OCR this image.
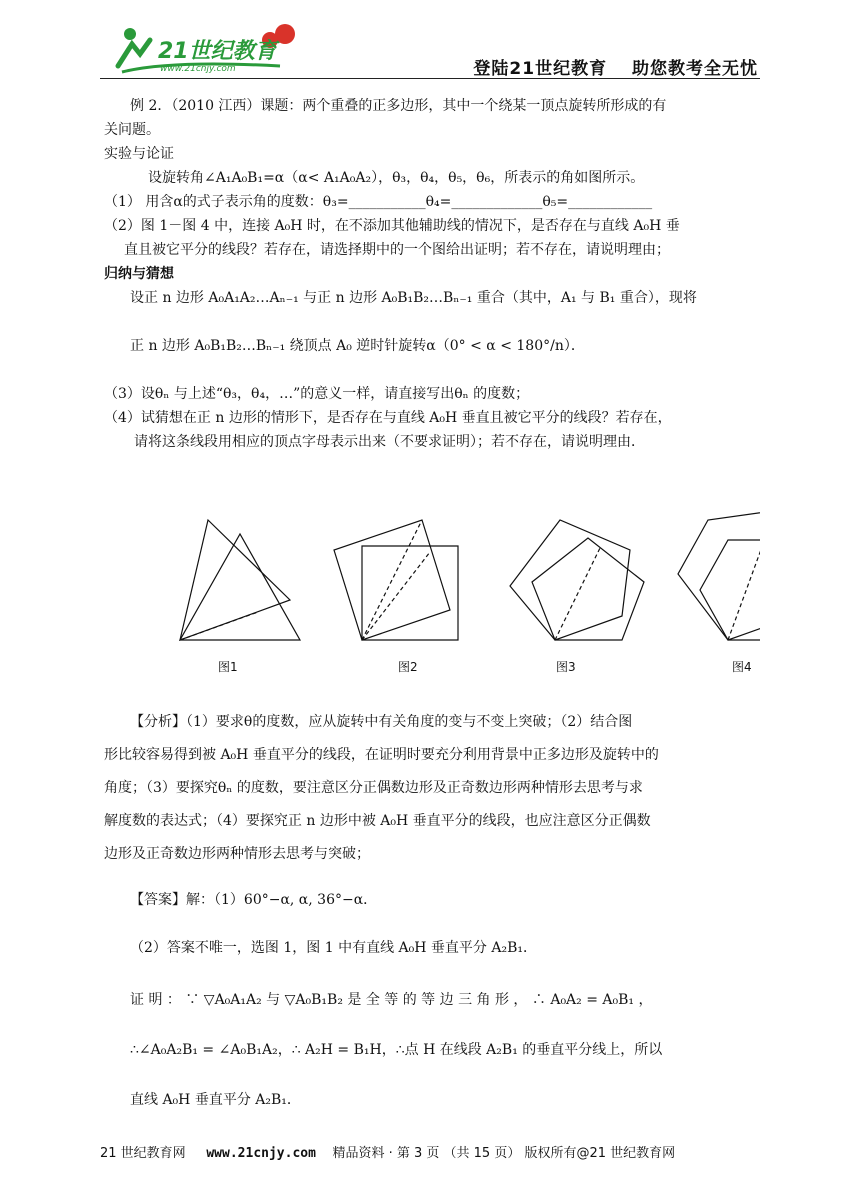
21世纪教育
www.21cnjy.com	登陆21世纪教育 助您教考全无忧
例 2．（2010 江西）课题：两个重叠的正多边形，其中一个绕某一顶点旋转所形成的有
关问题。
实验与论证
设旋转角∠A₁A₀B₁=α（α< A₁A₀A₂），θ₃，θ₄，θ₅，θ₆，所表示的角如图所示。
（1） 用含α的式子表示角的度数：θ₃=___________θ₄=_____________θ₅=____________
（2）图 1－图 4 中，连接 A₀H 时，在不添加其他辅助线的情况下，是否存在与直线 A₀H 垂
直且被它平分的线段？若存在，请选择期中的一个图给出证明；若不存在，请说明理由；
归纳与猜想
设正 n 边形 A₀A₁A₂…Aₙ₋₁ 与正 n 边形 A₀B₁B₂…Bₙ₋₁ 重合（其中，A₁ 与 B₁ 重合），现将
正 n 边形 A₀B₁B₂…Bₙ₋₁ 绕顶点 A₀ 逆时针旋转α（0° < α < 180°/n）．
（3）设θₙ 与上述“θ₃，θ₄，…”的意义一样，请直接写出θₙ 的度数；
（4）试猜想在正 n 边形的情形下，是否存在与直线 A₀H 垂直且被它平分的线段？若存在，
请将这条线段用相应的顶点字母表示出来（不要求证明）；若不存在，请说明理由．
图1	图2	图3	图4
【分析】（1）要求θ的度数，应从旋转中有关角度的变与不变上突破；（2）结合图
形比较容易得到被 A₀H 垂直平分的线段，在证明时要充分利用背景中正多边形及旋转中的
角度；（3）要探究θₙ 的度数，要注意区分正偶数边形及正奇数边形两种情形去思考与求
解度数的表达式；（4）要探究正 n 边形中被 A₀H 垂直平分的线段，也应注意区分正偶数
边形及正奇数边形两种情形去思考与突破；
【答案】解：（1）60°−α, α, 36°−α．
（2）答案不唯一，选图 1，图 1 中有直线 A₀H 垂直平分 A₂B₁．
证 明 ： ∵ ▽A₀A₁A₂ 与 ▽A₀B₁B₂ 是 全 等 的 等 边 三 角 形 ， ∴ A₀A₂ = A₀B₁ ，
∴∠A₀A₂B₁ = ∠A₀B₁A₂，∴ A₂H = B₁H，∴点 H 在线段 A₂B₁ 的垂直平分线上，所以
直线 A₀H 垂直平分 A₂B₁．
21 世纪教育网 www.21cnjy.com 精品资料 · 第 3 页 （共 15 页） 版权所有@21 世纪教育网
